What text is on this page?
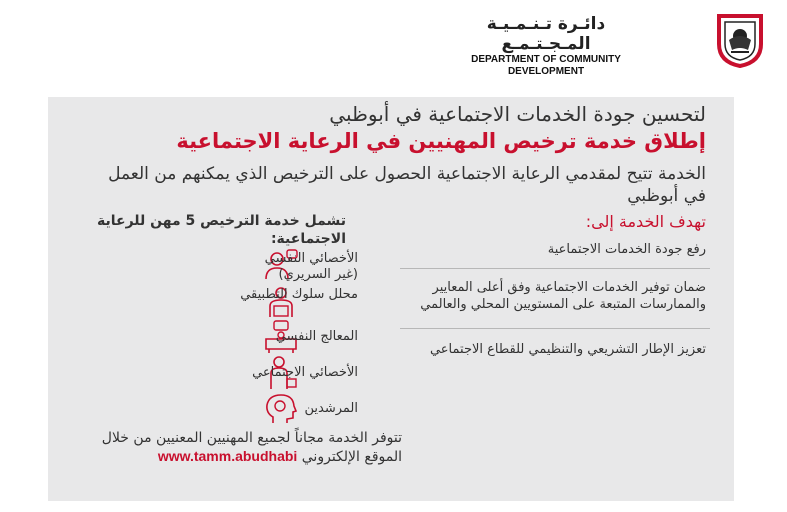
دائـرة تـنـمـيـة المـجـتـمـع
DEPARTMENT OF COMMUNITY
DEVELOPMENT
لتحسين جودة الخدمات الاجتماعية في أبوظبي
إطلاق خدمة ترخيص المهنيين في الرعاية الاجتماعية
الخدمة تتيح لمقدمي الرعاية الاجتماعية الحصول على الترخيص الذي يمكنهم من العمل في أبوظبي
تهدف الخدمة إلى:
رفع جودة الخدمات الاجتماعية
ضمان توفير الخدمات الاجتماعية وفق أعلى المعايير والممارسات المتبعة على المستويين المحلي والعالمي
تعزيز الإطار التشريعي والتنظيمي للقطاع الاجتماعي
تشمل خدمة الترخيص 5 مهن للرعاية الاجتماعية:
الأخصائي النفسي (غير السريري)
محلل سلوك التطبيقي
المعالج النفسي
الأخصائي الاجتماعي
المرشدين
تتوفر الخدمة مجاناً لجميع المهنيين المعنيين من خلال الموقع الإلكتروني www.tamm.abudhabi
